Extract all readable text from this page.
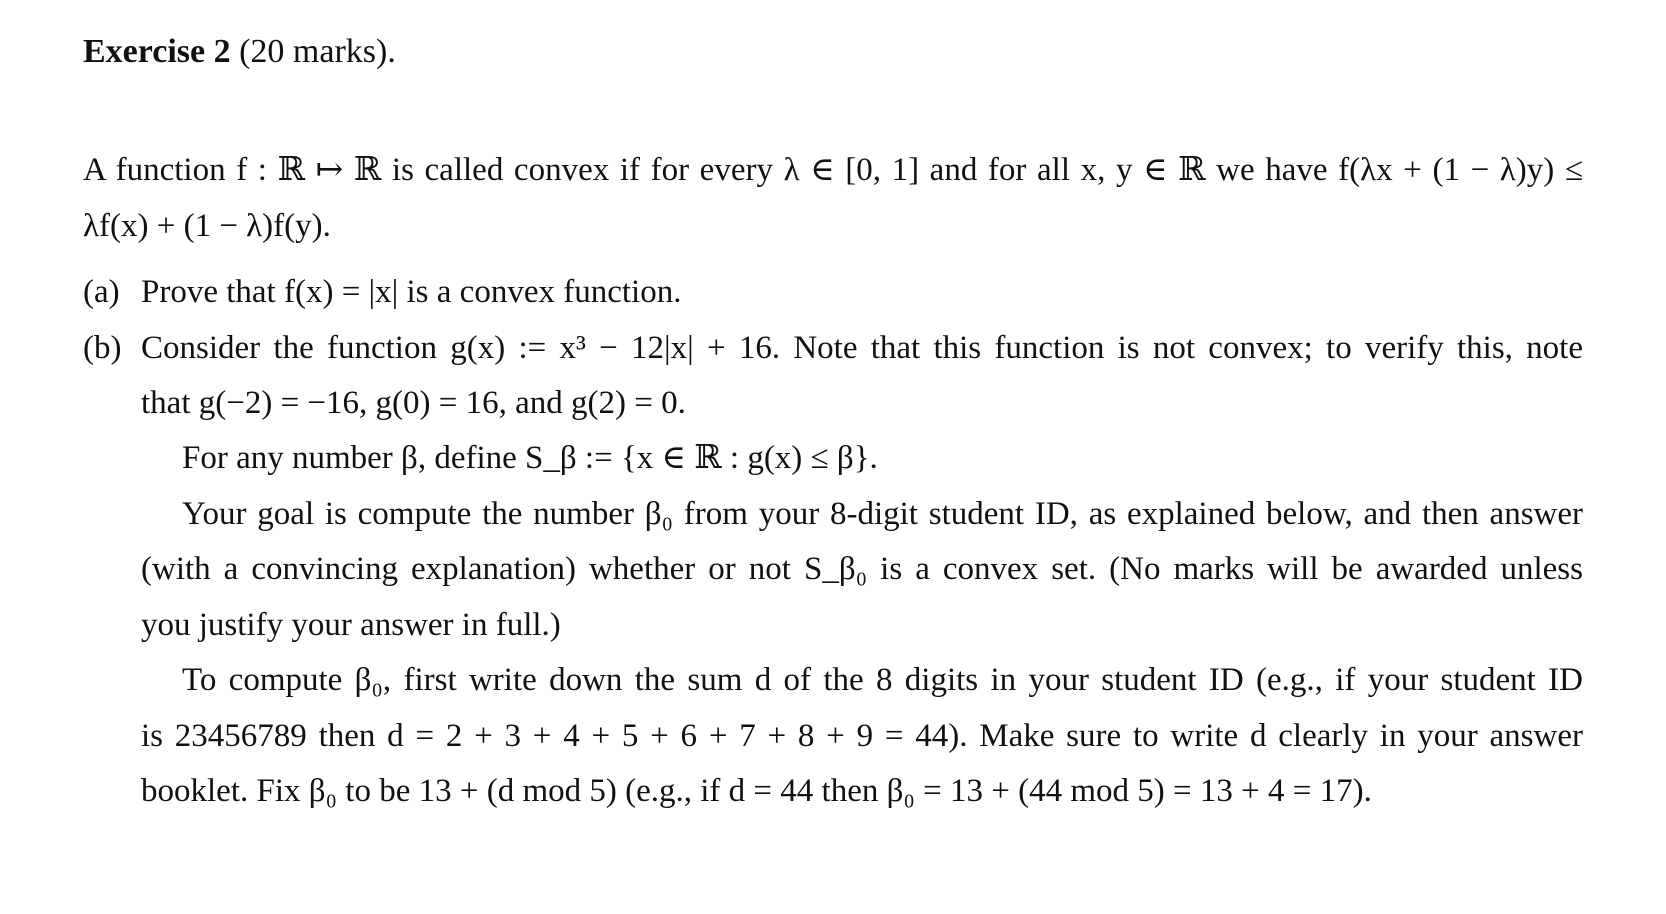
Exercise 2 (20 marks).
A function f : ℝ ↦ ℝ is called convex if for every λ ∈ [0, 1] and for all x, y ∈ ℝ we have f(λx + (1 − λ)y) ≤
λf(x) + (1 − λ)f(y).
(a) Prove that f(x) = |x| is a convex function.
(b) Consider the function g(x) := x³ − 12|x| + 16. Note that this function is not convex; to verify this, note
that g(−2) = −16, g(0) = 16, and g(2) = 0.
For any number β, define S_β := {x ∈ ℝ : g(x) ≤ β}.
Your goal is compute the number β₀ from your 8-digit student ID, as explained below, and then answer
(with a convincing explanation) whether or not S_β₀ is a convex set. (No marks will be awarded unless
you justify your answer in full.)
To compute β₀, first write down the sum d of the 8 digits in your student ID (e.g., if your student ID
is 23456789 then d = 2 + 3 + 4 + 5 + 6 + 7 + 8 + 9 = 44). Make sure to write d clearly in your answer
booklet. Fix β₀ to be 13 + (d mod 5) (e.g., if d = 44 then β₀ = 13 + (44 mod 5) = 13 + 4 = 17).
